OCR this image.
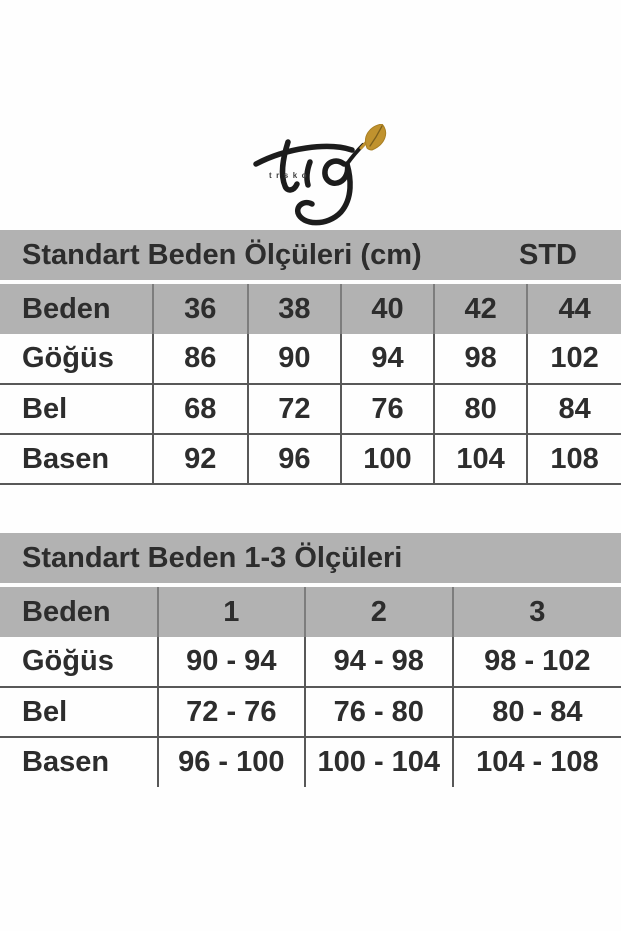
trsko
Standart Beden Ölçüleri (cm)	STD
Beden	36	38	40	42	44
Göğüs	86	90	94	98	102
Bel	68	72	76	80	84
Basen	92	96	100	104	108
Standart Beden 1-3 Ölçüleri
Beden	1	2	3
Göğüs	90 - 94	94 - 98	98 - 102
Bel	72 - 76	76 - 80	80 - 84
Basen	96 - 100	100 - 104	104 - 108
